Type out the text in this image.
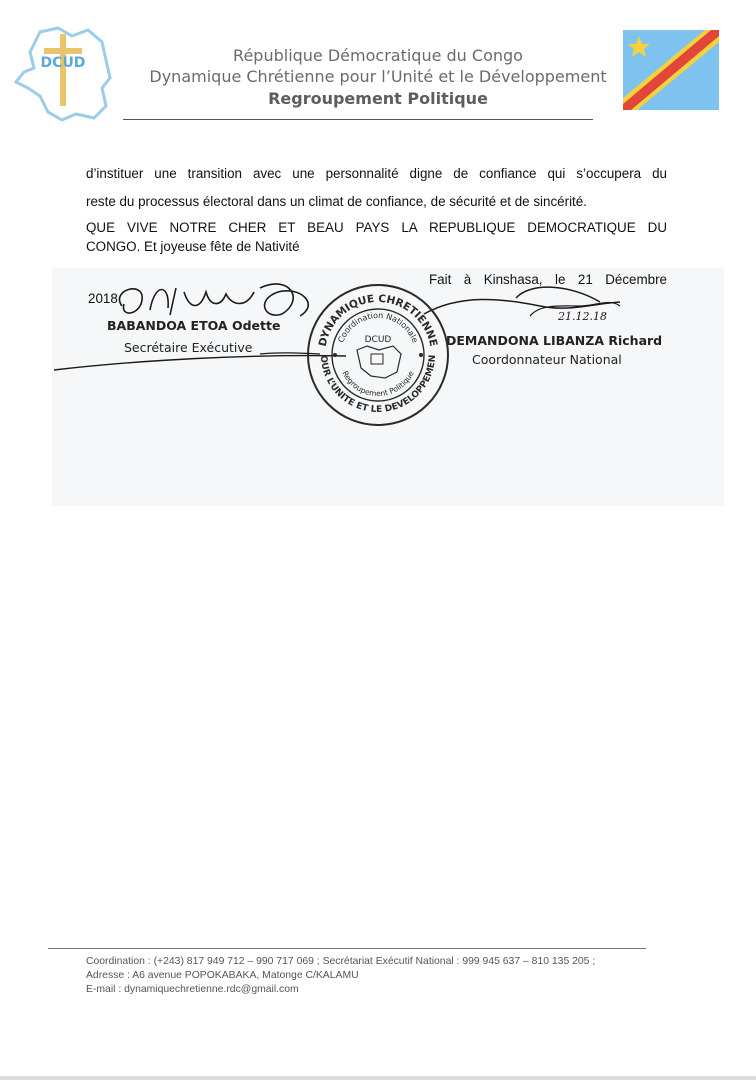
DCUD	République Démocratique du Congo
Dynamique Chrétienne pour l’Unité et le Développement
Regroupement Politique
d’instituer une transition avec une personnalité digne de confiance qui s’occupera du
reste du processus électoral dans un climat de confiance, de sécurité et de sincérité.
QUE VIVE NOTRE CHER ET BEAU PAYS LA REPUBLIQUE DEMOCRATIQUE DU
CONGO. Et joyeuse fête de Nativité
Fait à Kinshasa, le 21 Décembre
2018
BABANDOA ETOA Odette
Secrétaire Exécutive
21.12.18
DEMANDONA LIBANZA Richard
Coordonnateur National
DYNAMIQUE CHRETIENNE
OUR L’UNITE ET LE DEVELOPPEMEN
Coordination Nationale
Regroupement Politique
DCUD
Coordination : (+243) 817 949 712 – 990 717 069 ; Secrétariat Exécutif National : 999 945 637 – 810 135 205 ;
Adresse : A6 avenue POPOKABAKA, Matonge C/KALAMU
E-mail : dynamiquechretienne.rdc@gmail.com
